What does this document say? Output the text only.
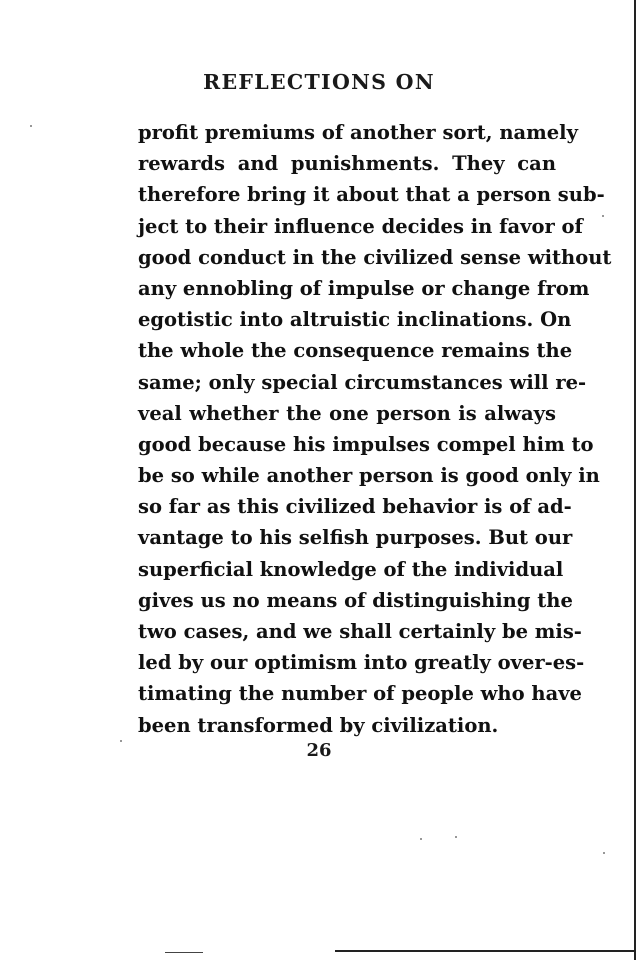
REFLECTIONS ON
profit premiums of another sort, namely
rewards and punishments. They can
therefore bring it about that a person sub-
ject to their influence decides in favor of
good conduct in the civilized sense without
any ennobling of impulse or change from
egotistic into altruistic inclinations. On
the whole the consequence remains the
same; only special circumstances will re-
veal whether the one person is always
good because his impulses compel him to
be so while another person is good only in
so far as this civilized behavior is of ad-
vantage to his selfish purposes. But our
superficial knowledge of the individual
gives us no means of distinguishing the
two cases, and we shall certainly be mis-
led by our optimism into greatly over-es-
timating the number of people who have
been transformed by civilization.
26
